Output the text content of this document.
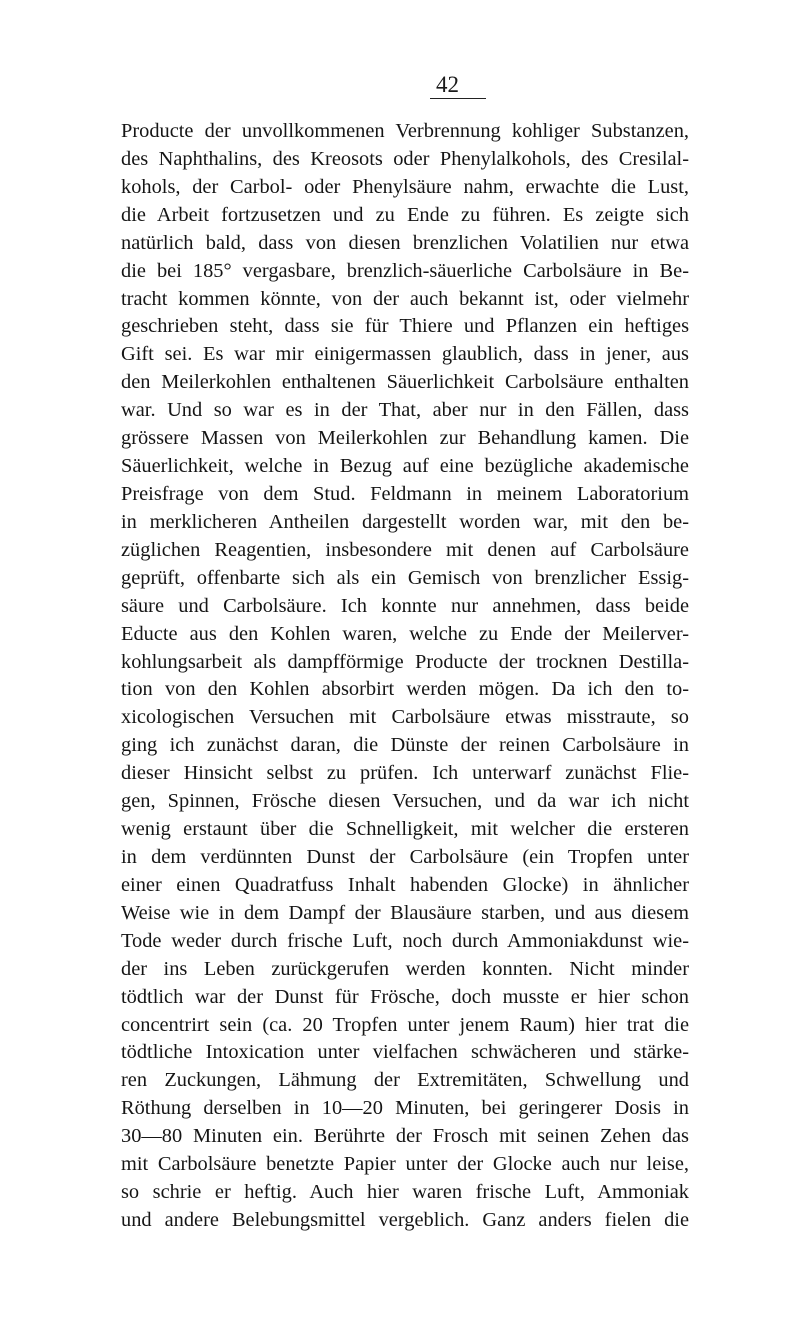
42
Producte der unvollkommenen Verbrennung kohliger Substanzen,
des Naphthalins, des Kreosots oder Phenylalkohols, des Cresilal-
kohols, der Carbol- oder Phenylsäure nahm, erwachte die Lust,
die Arbeit fortzusetzen und zu Ende zu führen. Es zeigte sich
natürlich bald, dass von diesen brenzlichen Volatilien nur etwa
die bei 185° vergasbare, brenzlich-säuerliche Carbolsäure in Be-
tracht kommen könnte, von der auch bekannt ist, oder vielmehr
geschrieben steht, dass sie für Thiere und Pflanzen ein heftiges
Gift sei. Es war mir einigermassen glaublich, dass in jener, aus
den Meilerkohlen enthaltenen Säuerlichkeit Carbolsäure enthalten
war. Und so war es in der That, aber nur in den Fällen, dass
grössere Massen von Meilerkohlen zur Behandlung kamen. Die
Säuerlichkeit, welche in Bezug auf eine bezügliche akademische
Preisfrage von dem Stud. Feldmann in meinem Laboratorium
in merklicheren Antheilen dargestellt worden war, mit den be-
züglichen Reagentien, insbesondere mit denen auf Carbolsäure
geprüft, offenbarte sich als ein Gemisch von brenzlicher Essig-
säure und Carbolsäure. Ich konnte nur annehmen, dass beide
Educte aus den Kohlen waren, welche zu Ende der Meilerver-
kohlungsarbeit als dampfförmige Producte der trocknen Destilla-
tion von den Kohlen absorbirt werden mögen. Da ich den to-
xicologischen Versuchen mit Carbolsäure etwas misstraute, so
ging ich zunächst daran, die Dünste der reinen Carbolsäure in
dieser Hinsicht selbst zu prüfen. Ich unterwarf zunächst Flie-
gen, Spinnen, Frösche diesen Versuchen, und da war ich nicht
wenig erstaunt über die Schnelligkeit, mit welcher die ersteren
in dem verdünnten Dunst der Carbolsäure (ein Tropfen unter
einer einen Quadratfuss Inhalt habenden Glocke) in ähnlicher
Weise wie in dem Dampf der Blausäure starben, und aus diesem
Tode weder durch frische Luft, noch durch Ammoniakdunst wie-
der ins Leben zurückgerufen werden konnten. Nicht minder
tödtlich war der Dunst für Frösche, doch musste er hier schon
concentrirt sein (ca. 20 Tropfen unter jenem Raum) hier trat die
tödtliche Intoxication unter vielfachen schwächeren und stärke-
ren Zuckungen, Lähmung der Extremitäten, Schwellung und
Röthung derselben in 10—20 Minuten, bei geringerer Dosis in
30—80 Minuten ein. Berührte der Frosch mit seinen Zehen das
mit Carbolsäure benetzte Papier unter der Glocke auch nur leise,
so schrie er heftig. Auch hier waren frische Luft, Ammoniak
und andere Belebungsmittel vergeblich. Ganz anders fielen die
